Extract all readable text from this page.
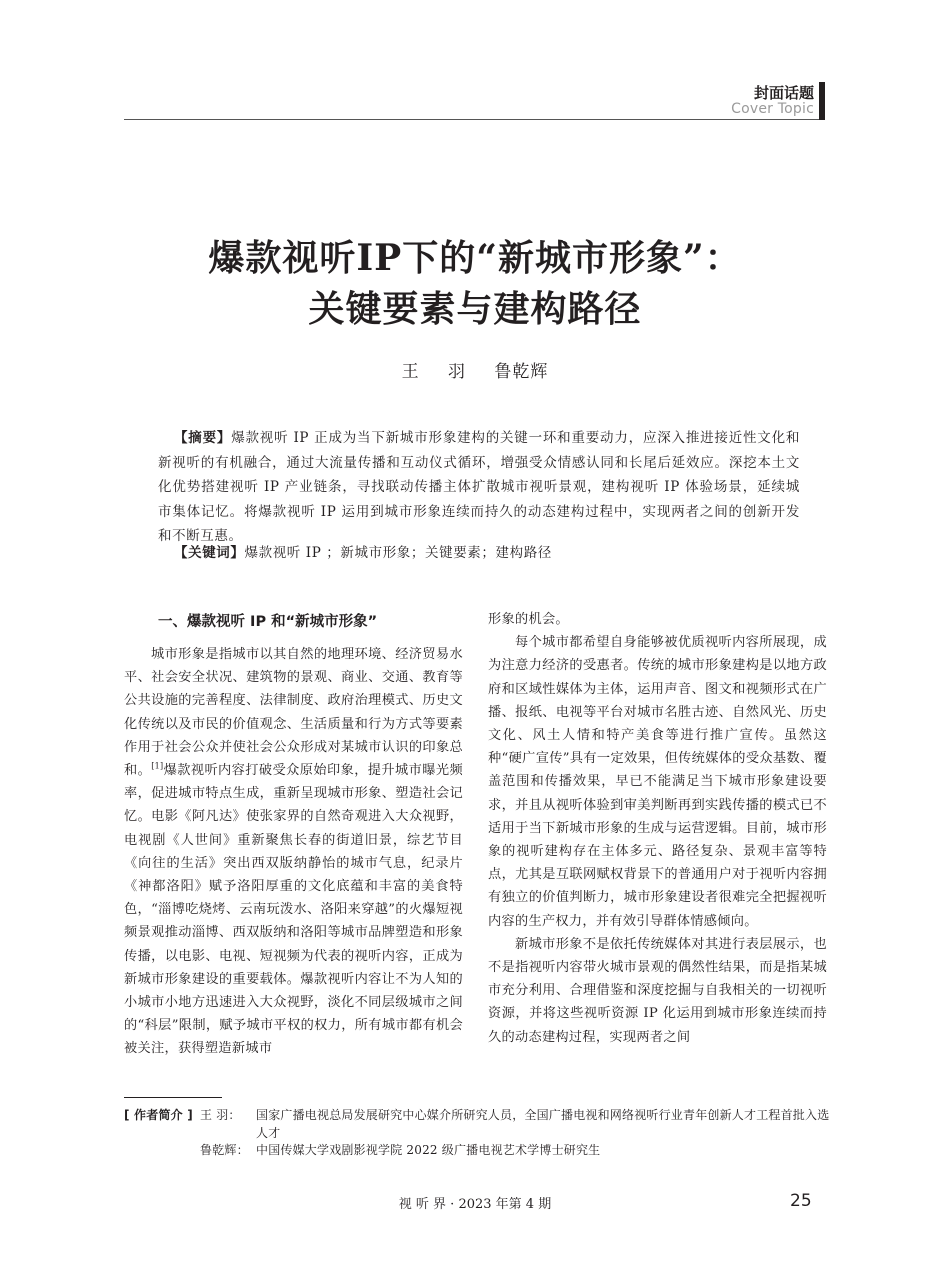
封面话题
Cover Topic
爆款视听IP下的“新城市形象”：
关键要素与建构路径
王 羽 鲁乾辉
【摘要】爆款视听 IP 正成为当下新城市形象建构的关键一环和重要动力，应深入推进接近性文化和新视听的有机融合，通过大流量传播和互动仪式循环，增强受众情感认同和长尾后延效应。深挖本土文化优势搭建视听 IP 产业链条，寻找联动传播主体扩散城市视听景观，建构视听 IP 体验场景，延续城市集体记忆。将爆款视听 IP 运用到城市形象连续而持久的动态建构过程中，实现两者之间的创新开发和不断互惠。
【关键词】爆款视听 IP ；新城市形象；关键要素；建构路径
一、爆款视听 IP 和“新城市形象”

城市形象是指城市以其自然的地理环境、经济贸易水平、社会安全状况、建筑物的景观、商业、交通、教育等公共设施的完善程度、法律制度、政府治理模式、历史文化传统以及市民的价值观念、生活质量和行为方式等要素作用于社会公众并使社会公众形成对某城市认识的印象总和。[1]爆款视听内容打破受众原始印象，提升城市曝光频率，促进城市特点生成，重新呈现城市形象、塑造社会记忆。电影《阿凡达》使张家界的自然奇观进入大众视野，电视剧《人世间》重新聚焦长春的街道旧景，综艺节目《向往的生活》突出西双版纳静怡的城市气息，纪录片《神都洛阳》赋予洛阳厚重的文化底蕴和丰富的美食特色，“淄博吃烧烤、云南玩泼水、洛阳来穿越”的火爆短视频景观推动淄博、西双版纳和洛阳等城市品牌塑造和形象传播，以电影、电视、短视频为代表的视听内容，正成为新城市形象建设的重要载体。爆款视听内容让不为人知的小城市小地方迅速进入大众视野，淡化不同层级城市之间的“科层”限制，赋予城市平权的权力，所有城市都有机会被关注，获得塑造新城市

形象的机会。

每个城市都希望自身能够被优质视听内容所展现，成为注意力经济的受惠者。传统的城市形象建构是以地方政府和区域性媒体为主体，运用声音、图文和视频形式在广播、报纸、电视等平台对城市名胜古迹、自然风光、历史文化、风土人情和特产美食等进行推广宣传。虽然这种“硬广宣传”具有一定效果，但传统媒体的受众基数、覆盖范围和传播效果，早已不能满足当下城市形象建设要求，并且从视听体验到审美判断再到实践传播的模式已不适用于当下新城市形象的生成与运营逻辑。目前，城市形象的视听建构存在主体多元、路径复杂、景观丰富等特点，尤其是互联网赋权背景下的普通用户对于视听内容拥有独立的价值判断力，城市形象建设者很难完全把握视听内容的生产权力，并有效引导群体情感倾向。

新城市形象不是依托传统媒体对其进行表层展示，也不是指视听内容带火城市景观的偶然性结果，而是指某城市充分利用、合理借鉴和深度挖掘与自我相关的一切视听资源，并将这些视听资源 IP 化运用到城市形象连续而持久的动态建构过程，实现两者之间

[ 作者简介 ] 王 羽： 国家广播电视总局发展研究中心媒介所研究人员，全国广播电视和网络视听行业青年创新人才工程首批入选人才
鲁乾辉： 中国传媒大学戏剧影视学院 2022 级广播电视艺术学博士研究生
视 听 界 · 2023 年第 4 期	25
